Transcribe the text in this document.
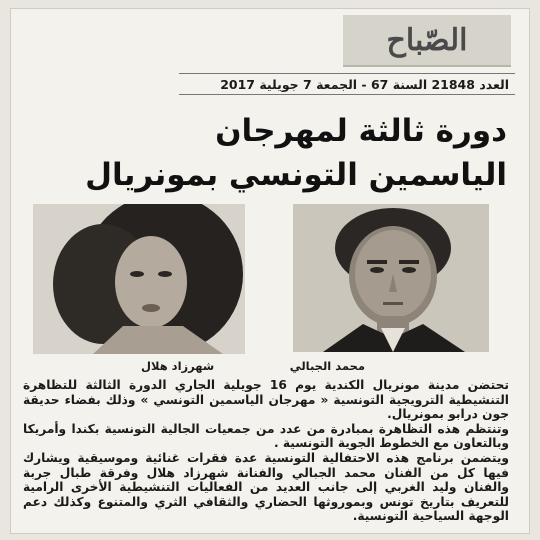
الصّباح
العدد 21848 السنة 67 - الجمعة 7 جويلية 2017
دورة ثالثة لمهرجان
الياسمين التونسي بمونريال
محمد الجبالي
شهرزاد هلال

تحتضن مدينة مونريال الكندية يوم 16 جويلية الجاري الدورة الثالثة للتظاهرة التنشيطية الترويجية التونسية « مهرجان الياسمين التونسي » وذلك بفضاء حديقة جون درابو بمونريال.

وتنتظم هذه التظاهرة بمبادرة من عدد من جمعيات الجالية التونسية بكندا وأمريكا وبالتعاون مع الخطوط الجوية التونسية .

ويتضمن برنامج هذه الاحتفالية التونسية عدة فقرات غنائية وموسيقية ويشارك فيها كل من الفنان محمد الجبالي والفنانة شهرزاد هلال وفرقة طبال جربة والفنان وليد الغربي إلى جانب العديد من الفعاليات التنشيطية الأخرى الرامية للتعريف بتاريخ تونس وبموروثها الحضاري والثقافي الثري والمتنوع وكذلك دعم الوجهة السياحية التونسية.
